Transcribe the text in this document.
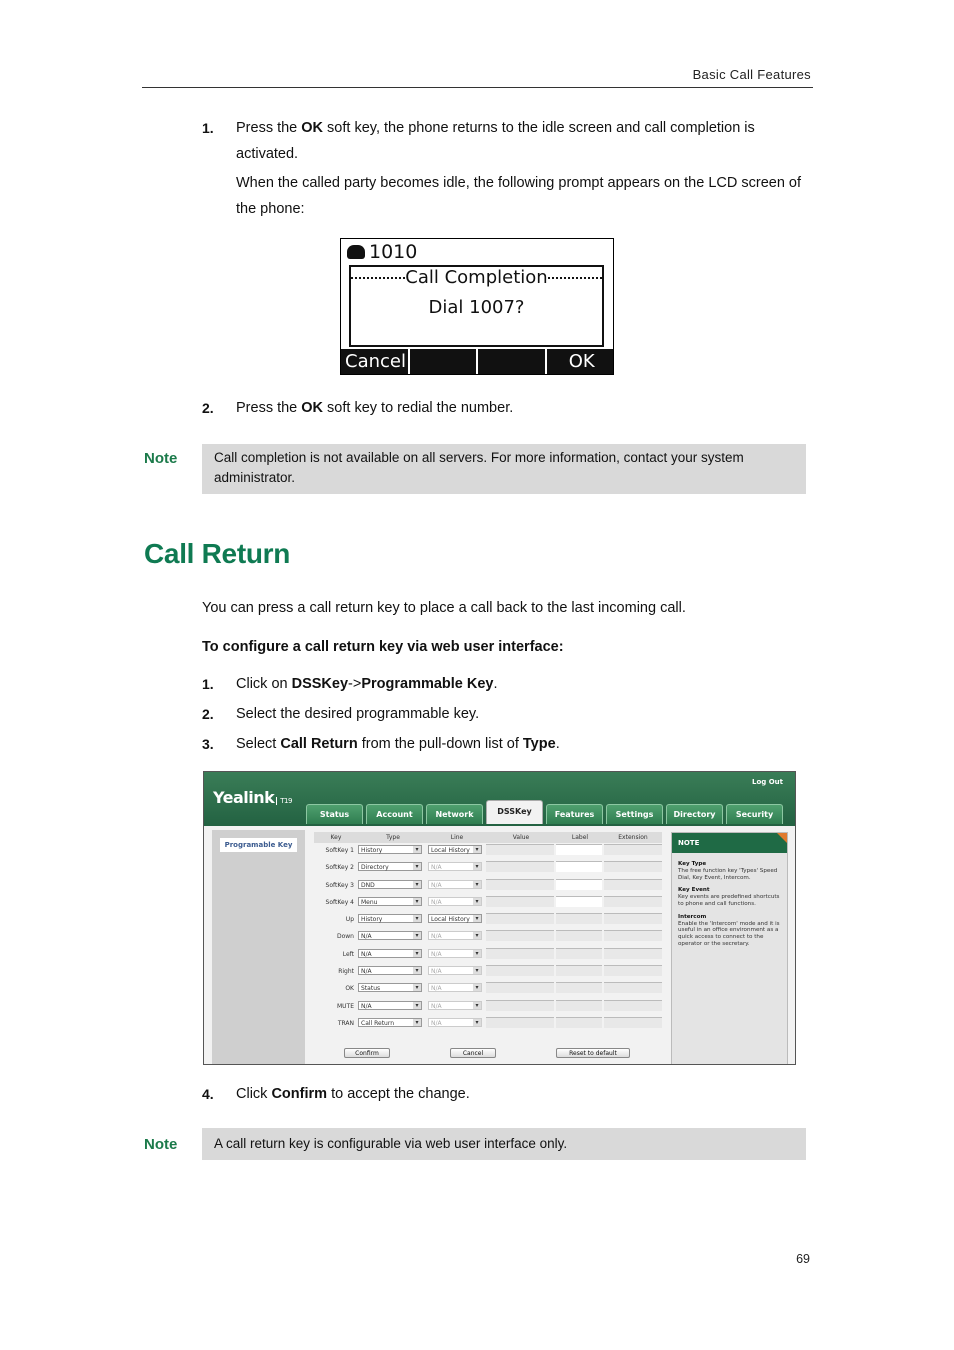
Basic Call Features
1.	Press the OK soft key, the phone returns to the idle screen and call completion is activated.
When the called party becomes idle, the following prompt appears on the LCD screen of the phone:
1010
Call Completion
Dial 1007?
Cancel	OK
2.	Press the OK soft key to redial the number.
Note	Call completion is not available on all servers. For more information, contact your system administrator.
Call Return
You can press a call return key to place a call back to the last incoming call.
To configure a call return key via web user interface:
1.	Click on DSSKey->Programmable Key.
2.	Select the desired programmable key.
3.	Select Call Return from the pull-down list of Type.
Yealink T19
Log Out
Status	Account	Network	DSSKey	Features	Settings	Directory	Security
Programable Key
Key	Type	Line	Value	Label	Extension
SoftKey 1	History ▾	Local History ▾
SoftKey 2	Directory ▾	N/A ▾
SoftKey 3	DND ▾	N/A ▾
SoftKey 4	Menu ▾	N/A ▾
Up	History ▾	Local History ▾
Down	N/A ▾	N/A ▾
Left	N/A ▾	N/A ▾
Right	N/A ▾	N/A ▾
OK	Status ▾	N/A ▾
MUTE	N/A ▾	N/A ▾
TRAN	Call Return ▾	N/A ▾
Confirm	Cancel	Reset to default
NOTE

Key Type
The free function key 'Types' Speed Dial, Key Event, Intercom.

Key Event
Key events are predefined shortcuts to phone and call functions.

Intercom
Enable the 'Intercom' mode and it is useful in an office environment as a quick access to connect to the operator or the secretary.

4.	Click Confirm to accept the change.
Note	A call return key is configurable via web user interface only.
69
